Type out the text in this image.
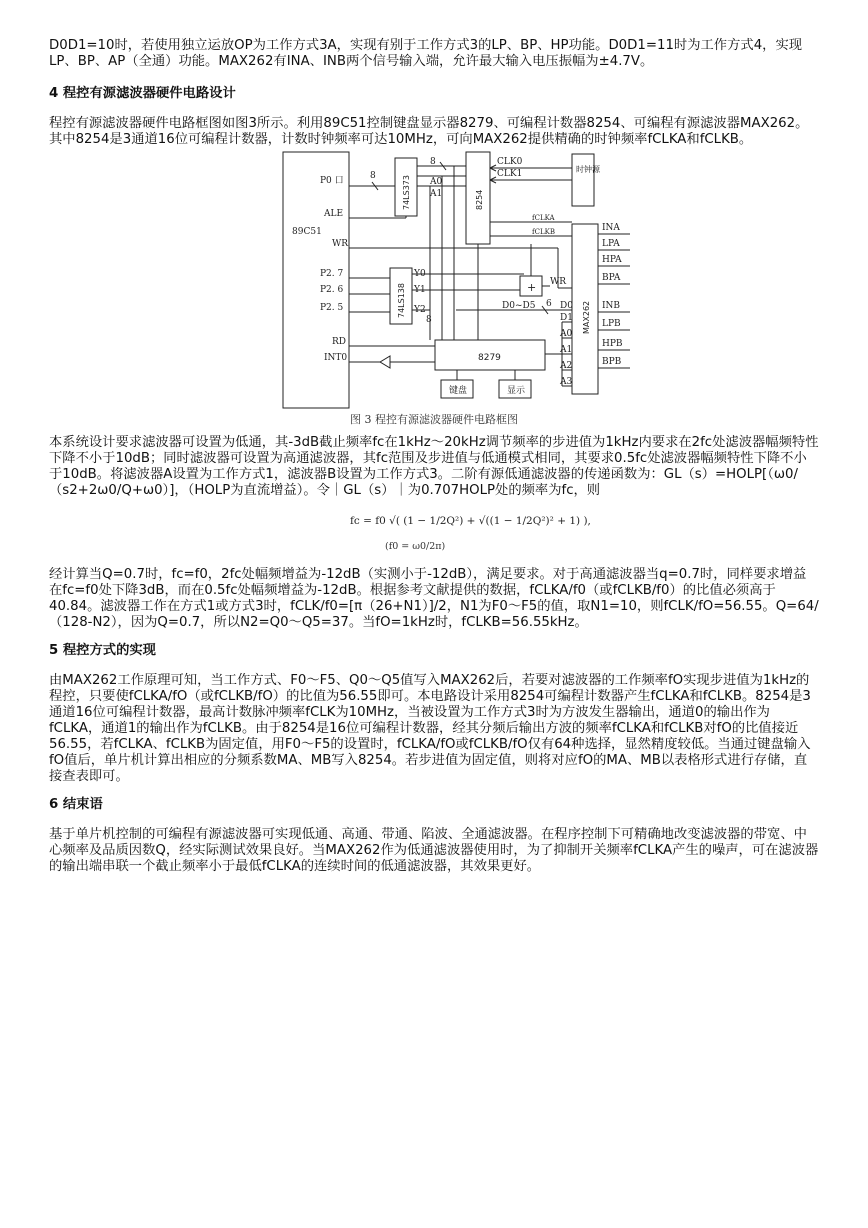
D0D1=10时，若使用独立运放OP为工作方式3A，实现有别于工作方式3的LP、BP、HP功能。D0D1=11时为工作方式4，实现LP、BP、AP（全通）功能。MAX262有INA、INB两个信号输入端，允许最大输入电压振幅为±4.7V。

4 程控有源滤波器硬件电路设计

程控有源滤波器硬件电路框图如图3所示。利用89C51控制键盘显示器8279、可编程计数器8254、可编程有源滤波器MAX262。其中8254是3通道16位可编程计数器，计数时钟频率可达10MHz，可向MAX262提供精确的时钟频率fCLKA和fCLKB。

89C51
P0 口
ALE
WR
P2. 7
P2. 6
P2. 5
RD
INT0
8
8
A0
A1
CLK0
CLK1
Y0
Y1
Y2
8
D0~D5 6
WR
D0
D1
A0
A1
A2
A3
fCLKA
fCLKB	INA
LPA
HPA
BPA
INB
LPB
HPB
BPB
+
8279
键盘	显示
时钟源
74LS373	8254
74LS138	MAX262
图 3 程控有源滤波器硬件电路框图

本系统设计要求滤波器可设置为低通，其-3dB截止频率fc在1kHz～20kHz调节频率的步进值为1kHz内要求在2fc处滤波器幅频特性下降不小于10dB；同时滤波器可设置为高通滤波器，其fc范围及步进值与低通模式相同，其要求0.5fc处滤波器幅频特性下降不小于10dB。将滤波器A设置为工作方式1，滤波器B设置为工作方式3。二阶有源低通滤波器的传递函数为：GL（s）=HOLP[（ω0/（s2+2ω0/Q+ω0）]，（HOLP为直流增益）。令｜GL（s）｜为0.707HOLP处的频率为fc，则

fc = f0 √( (1 − 1/2Q²) + √((1 − 1/2Q²)² + 1) ),
(f0 = ω0/2π)

经计算当Q=0.7时，fc=f0，2fc处幅频增益为-12dB（实测小于-12dB），满足要求。对于高通滤波器当q=0.7时，同样要求增益在fc=f0处下降3dB，而在0.5fc处幅频增益为-12dB。根据参考文献提供的数据，fCLKA/f0（或fCLKB/f0）的比值必须高于40.84。滤波器工作在方式1或方式3时，fCLK/f0=[π（26+N1）]/2，N1为F0～F5的值，取N1=10，则fCLK/fO=56.55。Q=64/（128-N2），因为Q=0.7，所以N2=Q0～Q5=37。当fO=1kHz时，fCLKB=56.55kHz。

5 程控方式的实现

由MAX262工作原理可知，当工作方式、F0～F5、Q0～Q5值写入MAX262后，若要对滤波器的工作频率fO实现步进值为1kHz的程控，只要使fCLKA/fO（或fCLKB/fO）的比值为56.55即可。本电路设计采用8254可编程计数器产生fCLKA和fCLKB。8254是3通道16位可编程计数器，最高计数脉冲频率fCLK为10MHz，当被设置为工作方式3时为方波发生器输出，通道0的输出作为fCLKA，通道1的输出作为fCLKB。由于8254是16位可编程计数器，经其分频后输出方波的频率fCLKA和fCLKB对fO的比值接近56.55，若fCLKA、fCLKB为固定值，用F0～F5的设置时，fCLKA/fO或fCLKB/fO仅有64种选择，显然精度较低。当通过键盘输入fO值后，单片机计算出相应的分频系数MA、MB写入8254。若步进值为固定值，则将对应fO的MA、MB以表格形式进行存储，直接查表即可。

6 结束语

基于单片机控制的可编程有源滤波器可实现低通、高通、带通、陷波、全通滤波器。在程序控制下可精确地改变滤波器的带宽、中心频率及品质因数Q，经实际测试效果良好。当MAX262作为低通滤波器使用时，为了抑制开关频率fCLKA产生的噪声，可在滤波器的输出端串联一个截止频率小于最低fCLKA的连续时间的低通滤波器，其效果更好。
